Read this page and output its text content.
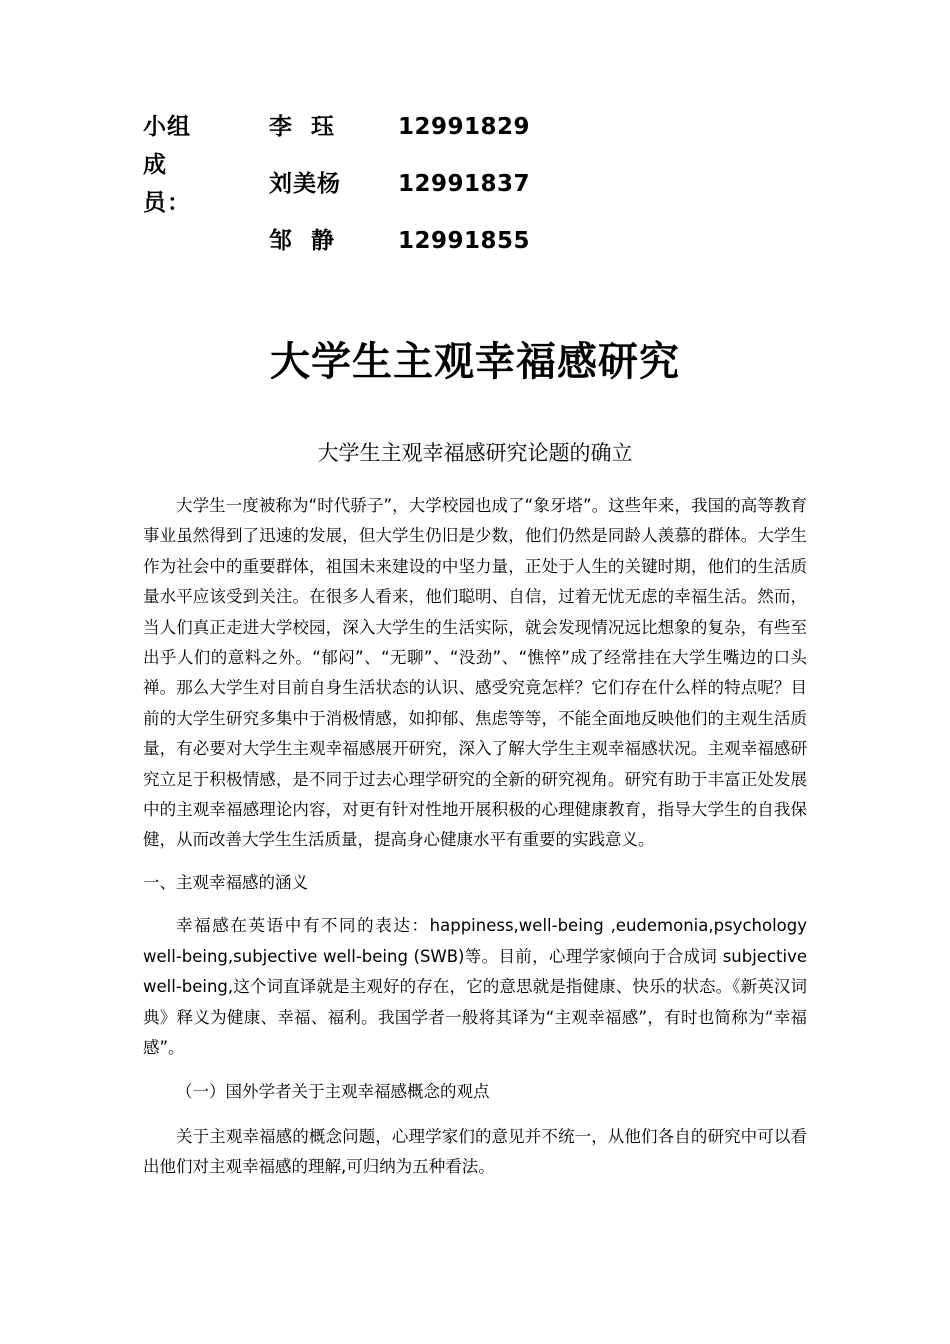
小组成员：
李  珏	12991829
刘美杨 12991837
邹  静	12991855
大学生主观幸福感研究
大学生主观幸福感研究论题的确立

大学生一度被称为“时代骄子”，大学校园也成了“象牙塔”。这些年来，我国的高等教育事业虽然得到了迅速的发展，但大学生仍旧是少数，他们仍然是同龄人羡慕的群体。大学生作为社会中的重要群体，祖国未来建设的中坚力量，正处于人生的关键时期，他们的生活质量水平应该受到关注。在很多人看来，他们聪明、自信，过着无忧无虑的幸福生活。然而，当人们真正走进大学校园，深入大学生的生活实际，就会发现情况远比想象的复杂，有些至出乎人们的意料之外。“郁闷”、“无聊”、“没劲”、“憔悴”成了经常挂在大学生嘴边的口头禅。那么大学生对目前自身生活状态的认识、感受究竟怎样？它们存在什么样的特点呢？目前的大学生研究多集中于消极情感，如抑郁、焦虑等等，不能全面地反映他们的主观生活质量，有必要对大学生主观幸福感展开研究，深入了解大学生主观幸福感状况。主观幸福感研究立足于积极情感，是不同于过去心理学研究的全新的研究视角。研究有助于丰富正处发展中的主观幸福感理论内容，对更有针对性地开展积极的心理健康教育，指导大学生的自我保健，从而改善大学生生活质量，提高身心健康水平有重要的实践意义。

一、主观幸福感的涵义

幸福感在英语中有不同的表达：happiness,well-being ,eudemonia,psychology well-being,subjective well-being (SWB)等。目前，心理学家倾向于合成词 subjective well-being,这个词直译就是主观好的存在，它的意思就是指健康、快乐的状态。《新英汉词典》释义为健康、幸福、福利。我国学者一般将其译为“主观幸福感”，有时也简称为“幸福感”。

（一）国外学者关于主观幸福感概念的观点

关于主观幸福感的概念问题，心理学家们的意见并不统一，从他们各自的研究中可以看出他们对主观幸福感的理解,可归纳为五种看法。
